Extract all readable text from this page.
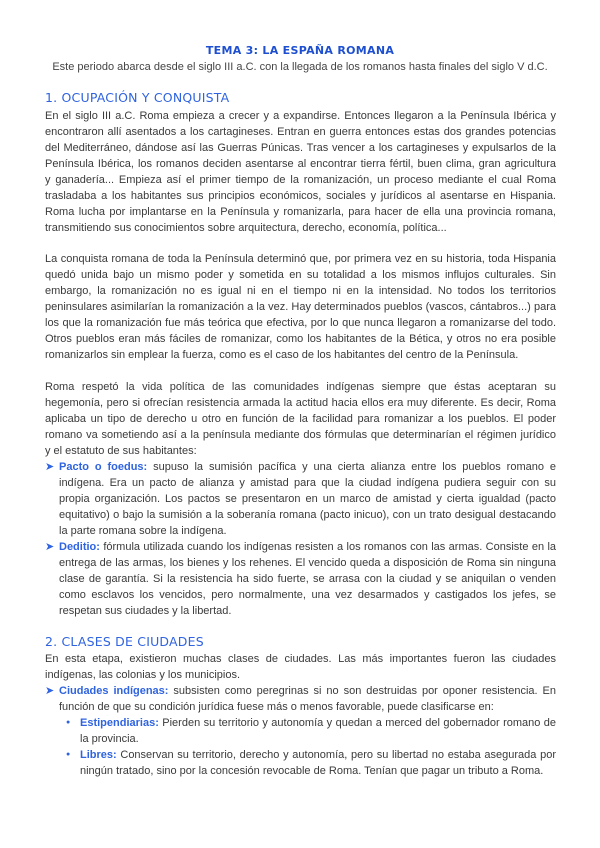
TEMA 3: LA ESPAÑA ROMANA
Este periodo abarca desde el siglo III a.C. con la llegada de los romanos hasta finales del siglo V d.C.
1. OCUPACIÓN Y CONQUISTA
En el siglo III a.C. Roma empieza a crecer y a expandirse. Entonces llegaron a la Península Ibérica y
encontraron allí asentados a los cartagineses. Entran en guerra entonces estas dos grandes potencias
del Mediterráneo, dándose así las Guerras Púnicas. Tras vencer a los cartagineses y expulsarlos de la
Península Ibérica, los romanos deciden asentarse al encontrar tierra fértil, buen clima, gran agricultura
y ganadería... Empieza así el primer tiempo de la romanización, un proceso mediante el cual Roma
trasladaba a los habitantes sus principios económicos, sociales y jurídicos al asentarse en Hispania.
Roma lucha por implantarse en la Península y romanizarla, para hacer de ella una provincia romana,
transmitiendo sus conocimientos sobre arquitectura, derecho, economía, política...
La conquista romana de toda la Península determinó que, por primera vez en su historia, toda Hispania
quedó unida bajo un mismo poder y sometida en su totalidad a los mismos influjos culturales. Sin
embargo, la romanización no es igual ni en el tiempo ni en la intensidad. No todos los territorios
peninsulares asimilarían la romanización a la vez. Hay determinados pueblos (vascos, cántabros...) para
los que la romanización fue más teórica que efectiva, por lo que nunca llegaron a romanizarse del todo.
Otros pueblos eran más fáciles de romanizar, como los habitantes de la Bética, y otros no era posible
romanizarlos sin emplear la fuerza, como es el caso de los habitantes del centro de la Península.
Roma respetó la vida política de las comunidades indígenas siempre que éstas aceptaran su
hegemonía, pero si ofrecían resistencia armada la actitud hacia ellos era muy diferente. Es decir, Roma
aplicaba un tipo de derecho u otro en función de la facilidad para romanizar a los pueblos. El poder
romano va sometiendo así a la península mediante dos fórmulas que determinarían el régimen jurídico
y el estatuto de sus habitantes:
➤ Pacto o foedus: supuso la sumisión pacífica y una cierta alianza entre los pueblos romano e
indígena. Era un pacto de alianza y amistad para que la ciudad indígena pudiera seguir con su
propia organización. Los pactos se presentaron en un marco de amistad y cierta igualdad (pacto
equitativo) o bajo la sumisión a la soberanía romana (pacto inicuo), con un trato desigual destacando
la parte romana sobre la indígena.
➤ Deditio: fórmula utilizada cuando los indígenas resisten a los romanos con las armas. Consiste en la
entrega de las armas, los bienes y los rehenes. El vencido queda a disposición de Roma sin ninguna
clase de garantía. Si la resistencia ha sido fuerte, se arrasa con la ciudad y se aniquilan o venden
como esclavos los vencidos, pero normalmente, una vez desarmados y castigados los jefes, se
respetan sus ciudades y la libertad.
2. CLASES DE CIUDADES
En esta etapa, existieron muchas clases de ciudades. Las más importantes fueron las ciudades
indígenas, las colonias y los municipios.
➤ Ciudades indígenas: subsisten como peregrinas si no son destruidas por oponer resistencia. En
función de que su condición jurídica fuese más o menos favorable, puede clasificarse en:
● Estipendiarias: Pierden su territorio y autonomía y quedan a merced del gobernador romano de
la provincia.
● Libres: Conservan su territorio, derecho y autonomía, pero su libertad no estaba asegurada por
ningún tratado, sino por la concesión revocable de Roma. Tenían que pagar un tributo a Roma.
